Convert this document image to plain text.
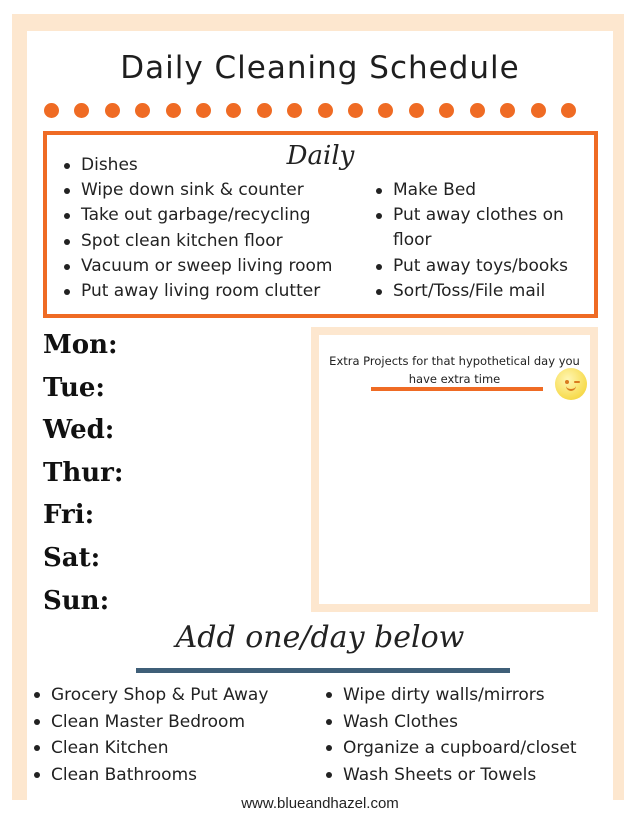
Daily Cleaning Schedule
Daily
Dishes
Wipe down sink & counter
Take out garbage/recycling
Spot clean kitchen floor
Vacuum or sweep living room
Put away living room clutter
Make Bed
Put away clothes on floor
Put away toys/books
Sort/Toss/File mail
Mon:
Tue:
Wed:
Thur:
Fri:
Sat:
Sun:
Extra Projects for that hypothetical day you have extra time
Add one/day below
Grocery Shop & Put Away
Clean Master Bedroom
Clean Kitchen
Clean Bathrooms
Wipe dirty walls/mirrors
Wash Clothes
Organize a cupboard/closet
Wash Sheets or Towels
www.blueandhazel.com
